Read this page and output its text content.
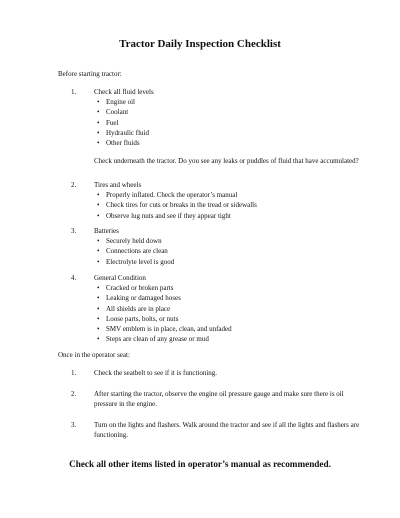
Tractor Daily Inspection Checklist
Before starting tractor:
1.	Check all fluid levels
• Engine oil
• Coolant
• Fuel
• Hydraulic fluid
• Other fluids
Check underneath the tractor. Do you see any leaks or puddles of fluid that have accumulated?
2.	Tires and wheels
• Properly inflated. Check the operator’s manual
• Check tires for cuts or breaks in the tread or sidewalls
• Observe lug nuts and see if they appear tight
3.	Batteries
• Securely held down
• Connections are clean
• Electrolyte level is good
4.	General Condition
• Cracked or broken parts
• Leaking or damaged hoses
• All shields are in place
• Loose parts, bolts, or nuts
• SMV emblem is in place, clean, and unfaded
• Steps are clean of any grease or mud
Once in the operator seat:
1.	Check the seatbelt to see if it is functioning.
2.	After starting the tractor, observe the engine oil pressure gauge and make sure there is oil pressure in the engine.
3.	Turn on the lights and flashers. Walk around the tractor and see if all the lights and flashers are functioning.
Check all other items listed in operator’s manual as recommended.
